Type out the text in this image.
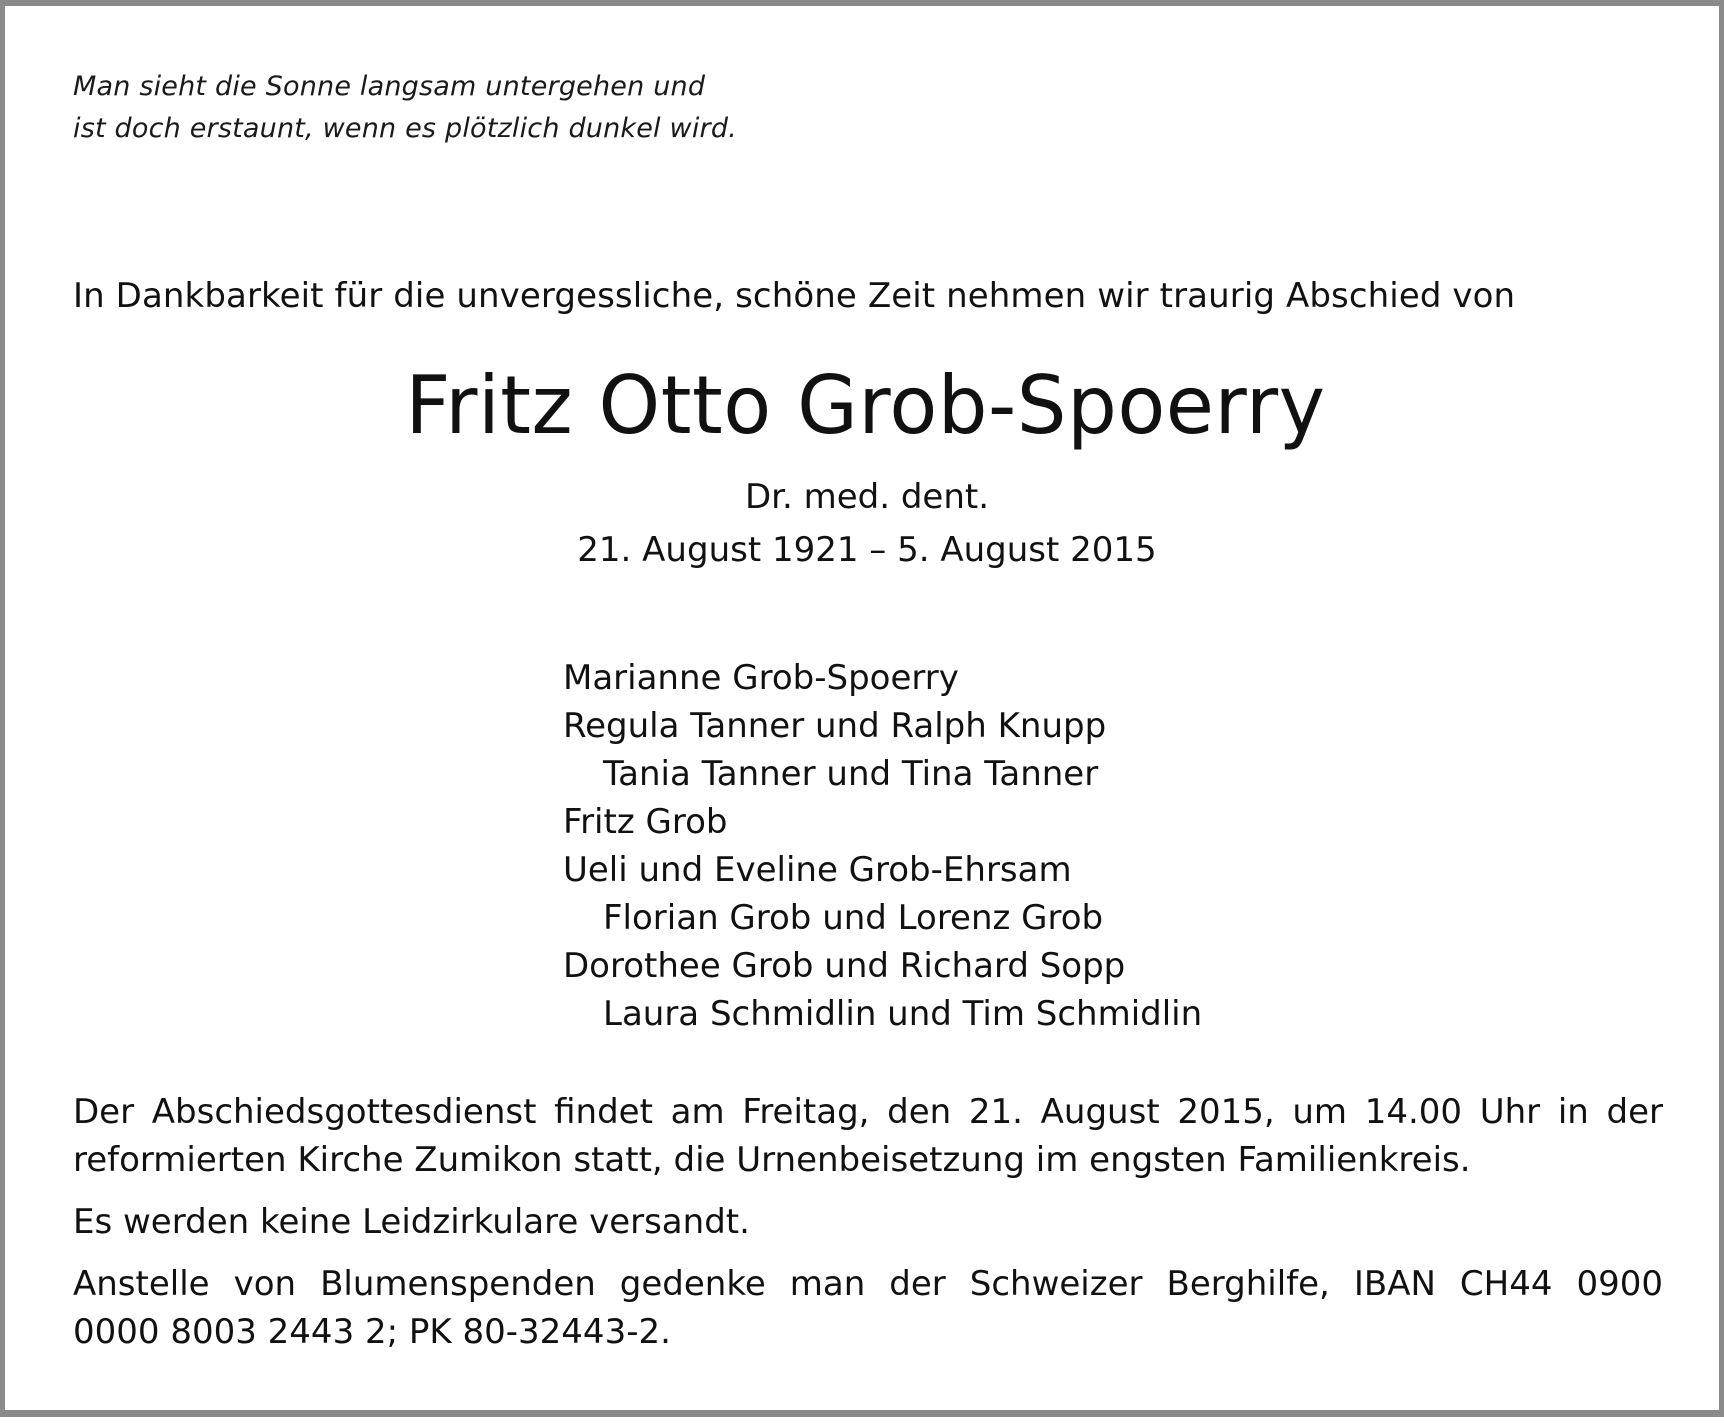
Man sieht die Sonne langsam untergehen und
ist doch erstaunt, wenn es plötzlich dunkel wird.
In Dankbarkeit für die unvergessliche, schöne Zeit nehmen wir traurig Abschied von
Fritz Otto Grob-Spoerry
Dr. med. dent.
21. August 1921 – 5. August 2015
Marianne Grob-Spoerry
Regula Tanner und Ralph Knupp
Tania Tanner und Tina Tanner
Fritz Grob
Ueli und Eveline Grob-Ehrsam
Florian Grob und Lorenz Grob
Dorothee Grob und Richard Sopp
Laura Schmidlin und Tim Schmidlin

Der Abschiedsgottesdienst findet am Freitag, den 21. August 2015, um 14.00 Uhr in der
reformierten Kirche Zumikon statt, die Urnenbeisetzung im engsten Familienkreis.

Es werden keine Leidzirkulare versandt.

Anstelle von Blumenspenden gedenke man der Schweizer Berghilfe, IBAN CH44 0900
0000 8003 2443 2; PK 80-32443-2.
